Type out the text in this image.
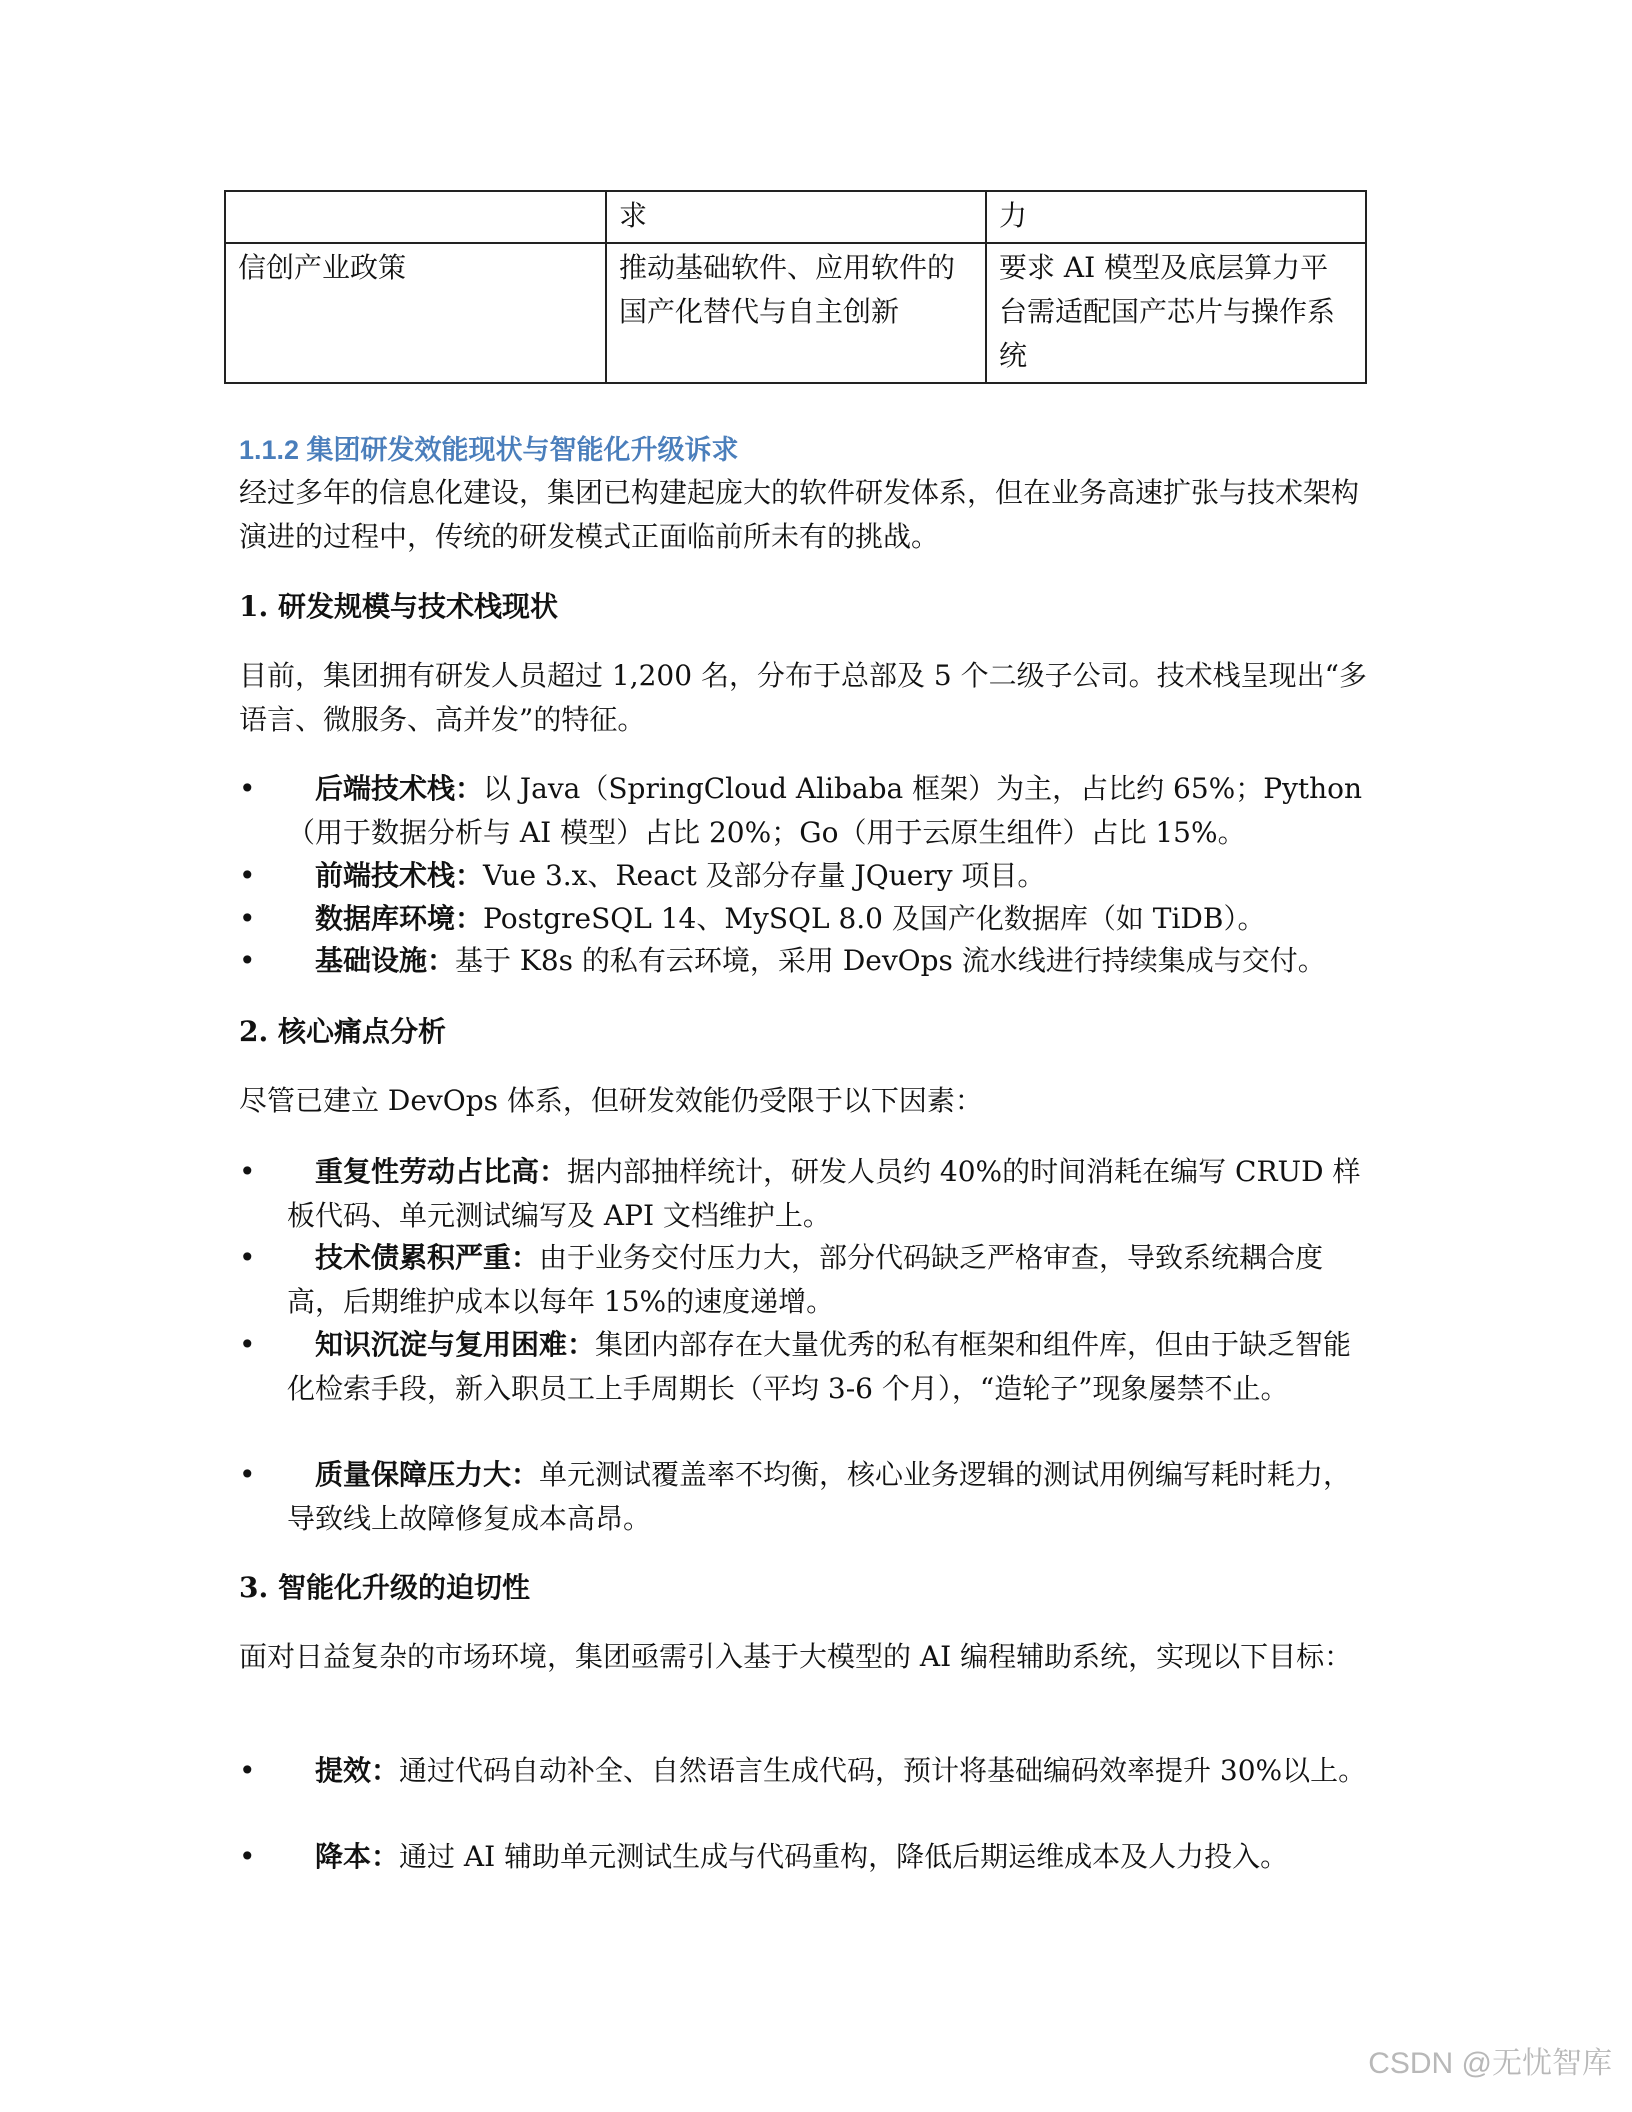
	求	力
信创产业政策	推动基础软件、应用软件的国产化替代与自主创新	要求 AI 模型及底层算力平台需适配国产芯片与操作系统
1.1.2 集团研发效能现状与智能化升级诉求
经过多年的信息化建设，集团已构建起庞大的软件研发体系，但在业务高速扩张与技术架构演进的过程中，传统的研发模式正面临前所未有的挑战。
1. 研发规模与技术栈现状
目前，集团拥有研发人员超过 1,200 名，分布于总部及 5 个二级子公司。技术栈呈现出“多语言、微服务、高并发”的特征。
• 后端技术栈：以 Java（SpringCloud Alibaba 框架）为主，占比约 65%；Python（用于数据分析与 AI 模型）占比 20%；Go（用于云原生组件）占比 15%。
• 前端技术栈：Vue 3.x、React 及部分存量 JQuery 项目。
• 数据库环境：PostgreSQL 14、MySQL 8.0 及国产化数据库（如 TiDB）。
• 基础设施：基于 K8s 的私有云环境，采用 DevOps 流水线进行持续集成与交付。
2. 核心痛点分析
尽管已建立 DevOps 体系，但研发效能仍受限于以下因素：
• 重复性劳动占比高：据内部抽样统计，研发人员约 40%的时间消耗在编写 CRUD 样板代码、单元测试编写及 API 文档维护上。
• 技术债累积严重：由于业务交付压力大，部分代码缺乏严格审查，导致系统耦合度高，后期维护成本以每年 15%的速度递增。
• 知识沉淀与复用困难：集团内部存在大量优秀的私有框架和组件库，但由于缺乏智能化检索手段，新入职员工上手周期长（平均 3-6 个月），“造轮子”现象屡禁不止。
• 质量保障压力大：单元测试覆盖率不均衡，核心业务逻辑的测试用例编写耗时耗力，导致线上故障修复成本高昂。
3. 智能化升级的迫切性
面对日益复杂的市场环境，集团亟需引入基于大模型的 AI 编程辅助系统，实现以下目标：
• 提效：通过代码自动补全、自然语言生成代码，预计将基础编码效率提升 30%以上。
• 降本：通过 AI 辅助单元测试生成与代码重构，降低后期运维成本及人力投入。
CSDN @无忧智库
